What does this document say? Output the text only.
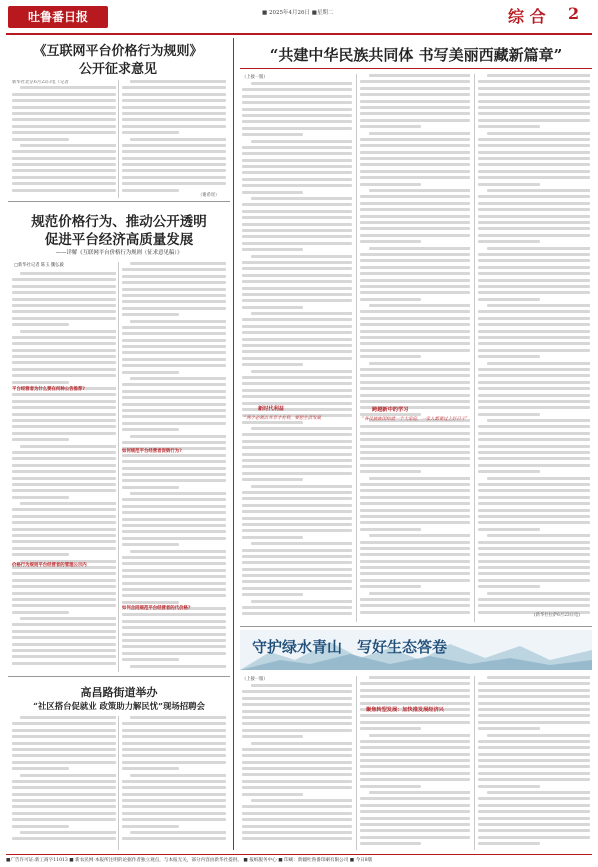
吐鲁番日报	■ 2025年4月26日 ■星期二	综 合 2
《互联网平台价格行为规则》
公开征求意见
新华社北京6月23日电（记者
（谢希瑶）
规范价格行为、推动公开透明
促进平台经济高质量发展
——详解《互联网平台价格行为规则（征求意见稿）》
□新华社记者 陈玉 魏弘毅
平台经营者为什么要在何种公告推荐?
如何规范平台经营者促销行为?
价格行为规则平台经营者的管理公示内
如何合同规范平台经营者的代价格?
高昌路街道举办
“社区搭台促就业 政策助力解民忧”现场招聘会
“共建中华民族共同体 书写美丽西藏新篇章”
（上接一版）
新时代利益
“两个必须以共享才有利，要把生活发展
跨越新中的学习
“各民族族团结就一个大家庭，一家人都要过上好日子”
(新华社拉萨6月23日电)
守护绿水青山　写好生态答卷
（上接一版）
聚焦转型发展：加快推发展经济兴
■广告许可证:新工商字11013 ■ 新农民网·本报所注明的论据作者独立观点，与本报无关，部分内容由新华社提供。 ■ 报纸服务中心 ■ 印刷：新疆吐鲁番印刷有限公司 ■ 今日8版
